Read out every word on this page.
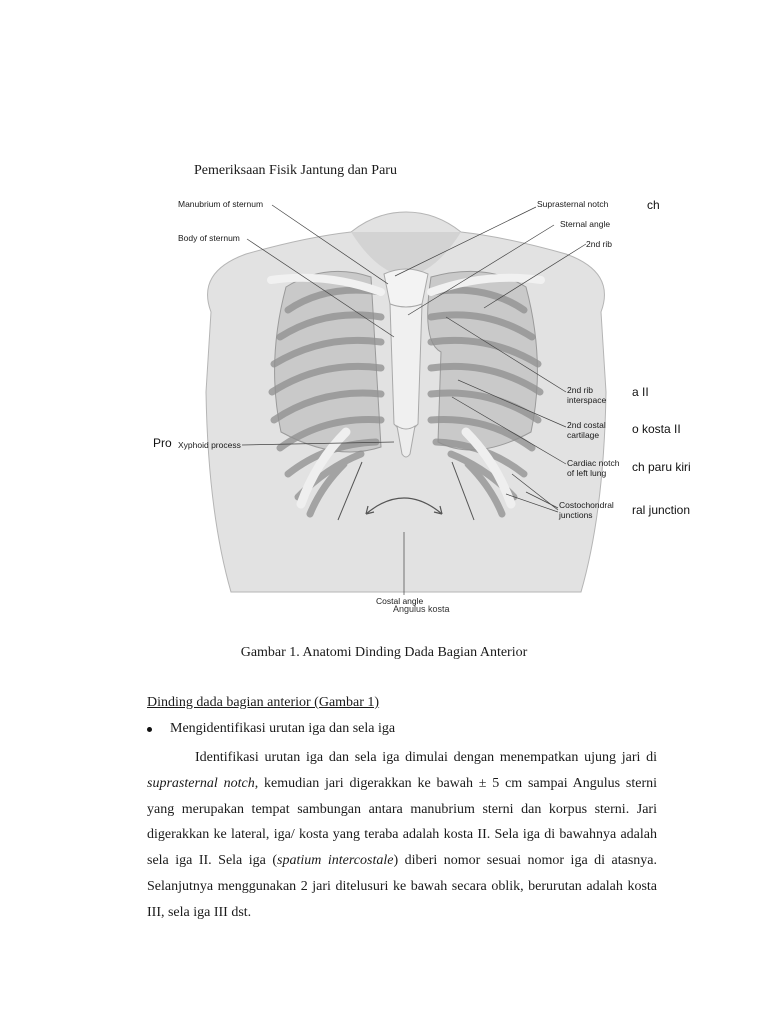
Pemeriksaan Fisik Jantung dan Paru
Manubrium of sternum
Body of sternum
Suprasternal notch
Sternal angle
2nd rib
2nd rib
interspace
2nd costal
cartilage
Cardiac notch
of left lung
Costochondral
junctions
Xyphoid process
Costal angle
ch
a II
o kosta II
ch paru kiri
ral junction
Pro
Angulus kosta
Gambar 1. Anatomi Dinding Dada Bagian Anterior
Dinding dada bagian anterior (Gambar 1)
Mengidentifikasi urutan iga dan sela iga

Identifikasi urutan iga dan sela iga dimulai dengan menempatkan ujung jari di suprasternal notch, kemudian jari digerakkan ke bawah ± 5 cm sampai Angulus sterni yang merupakan tempat sambungan antara manubrium sterni dan korpus sterni. Jari digerakkan ke lateral, iga/ kosta yang teraba adalah kosta II. Sela iga di bawahnya adalah sela iga II. Sela iga (spatium intercostale) diberi nomor sesuai nomor iga di atasnya. Selanjutnya menggunakan 2 jari ditelusuri ke bawah secara oblik, berurutan adalah kosta III, sela iga III dst.
